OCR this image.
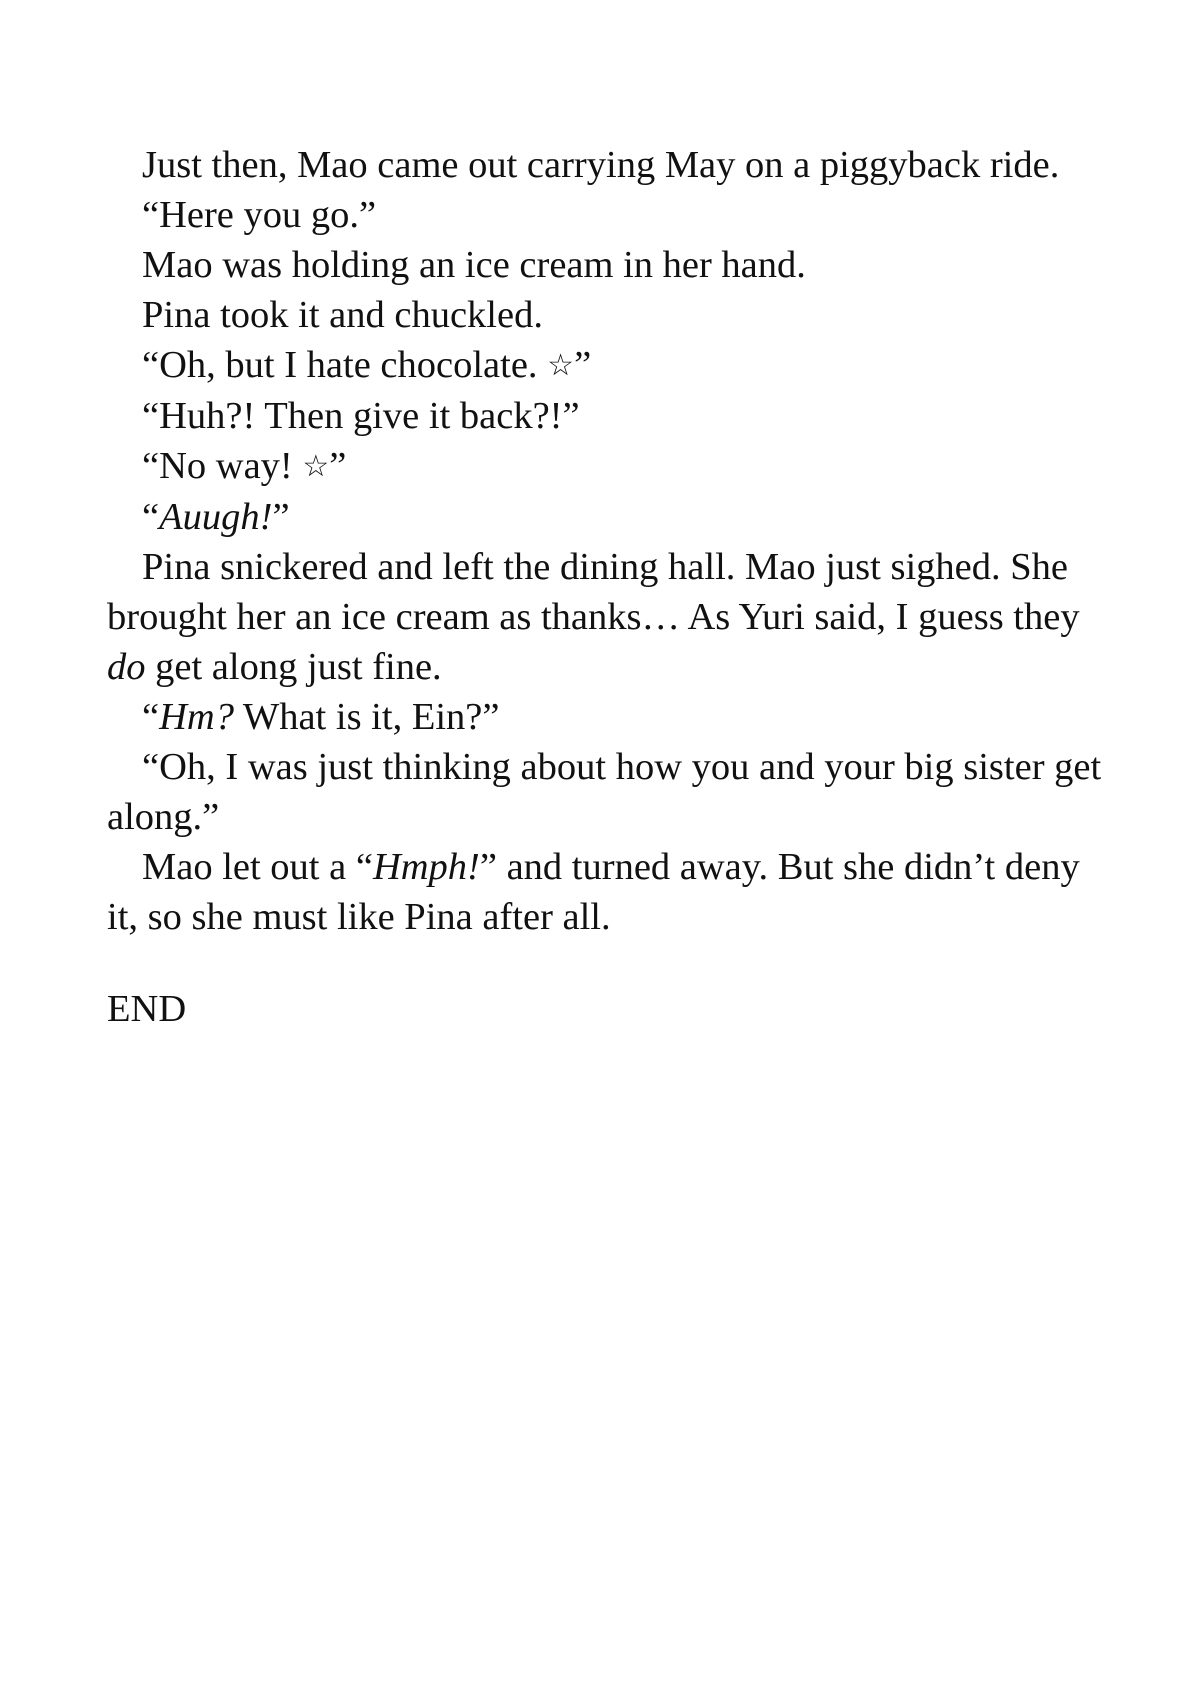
Just then, Mao came out carrying May on a piggyback ride.

“Here you go.”

Mao was holding an ice cream in her hand.

Pina took it and chuckled.

“Oh, but I hate chocolate. ☆”

“Huh?! Then give it back?!”

“No way! ☆”

“Auugh!”

Pina snickered and left the dining hall. Mao just sighed. She brought her an ice cream as thanks… As Yuri said, I guess they do get along just fine.

“Hm? What is it, Ein?”

“Oh, I was just thinking about how you and your big sister get along.”

Mao let out a “Hmph!” and turned away. But she didn’t deny it, so she must like Pina after all.

END
